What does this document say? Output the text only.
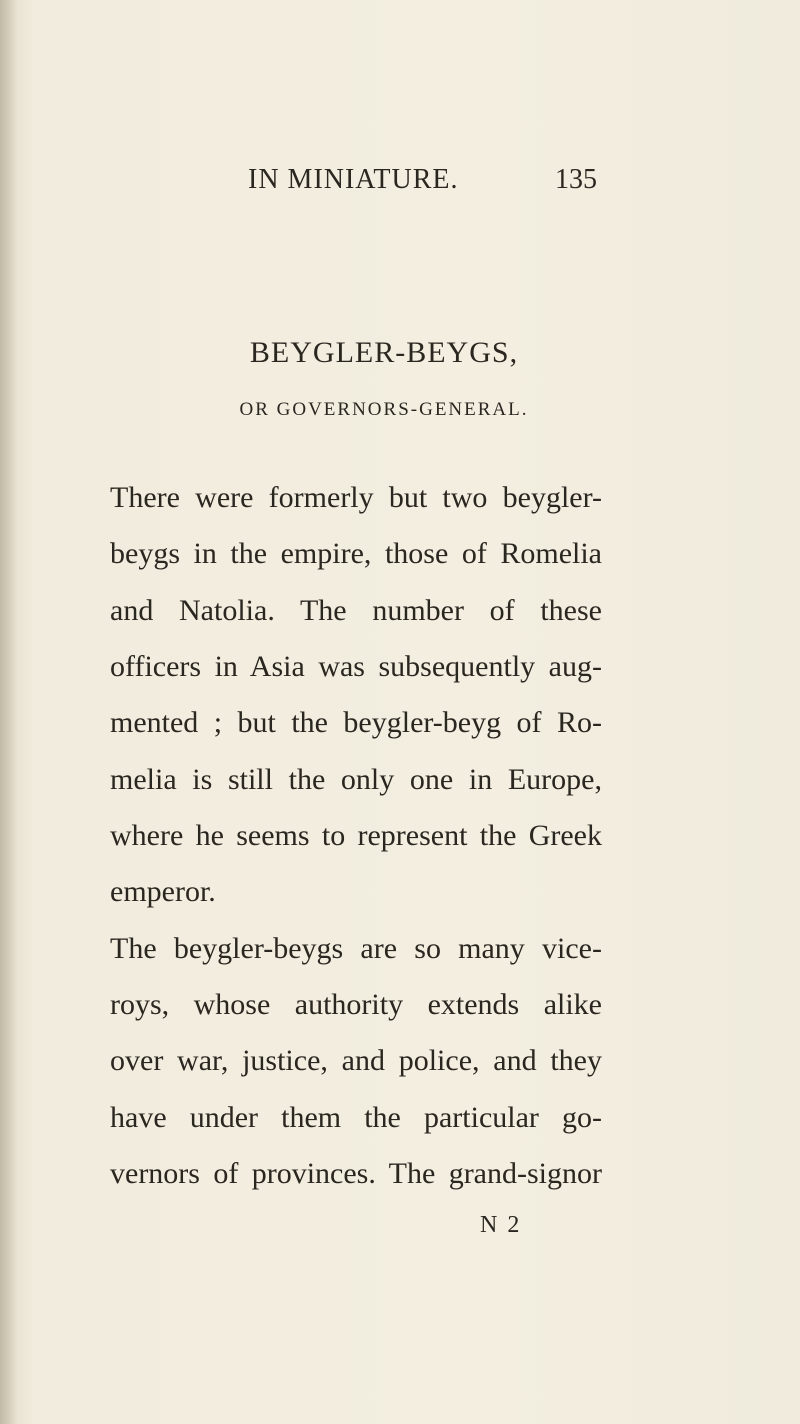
IN MINIATURE.	135
BEYGLER-BEYGS,
OR GOVERNORS-GENERAL.
There were formerly but two beygler-
beygs in the empire, those of Romelia
and Natolia. The number of these
officers in Asia was subsequently aug-
mented ; but the beygler-beyg of Ro-
melia is still the only one in Europe,
where he seems to represent the Greek
emperor.
The beygler-beygs are so many vice-
roys, whose authority extends alike
over war, justice, and police, and they
have under them the particular go-
vernors of provinces. The grand-signor
N 2
